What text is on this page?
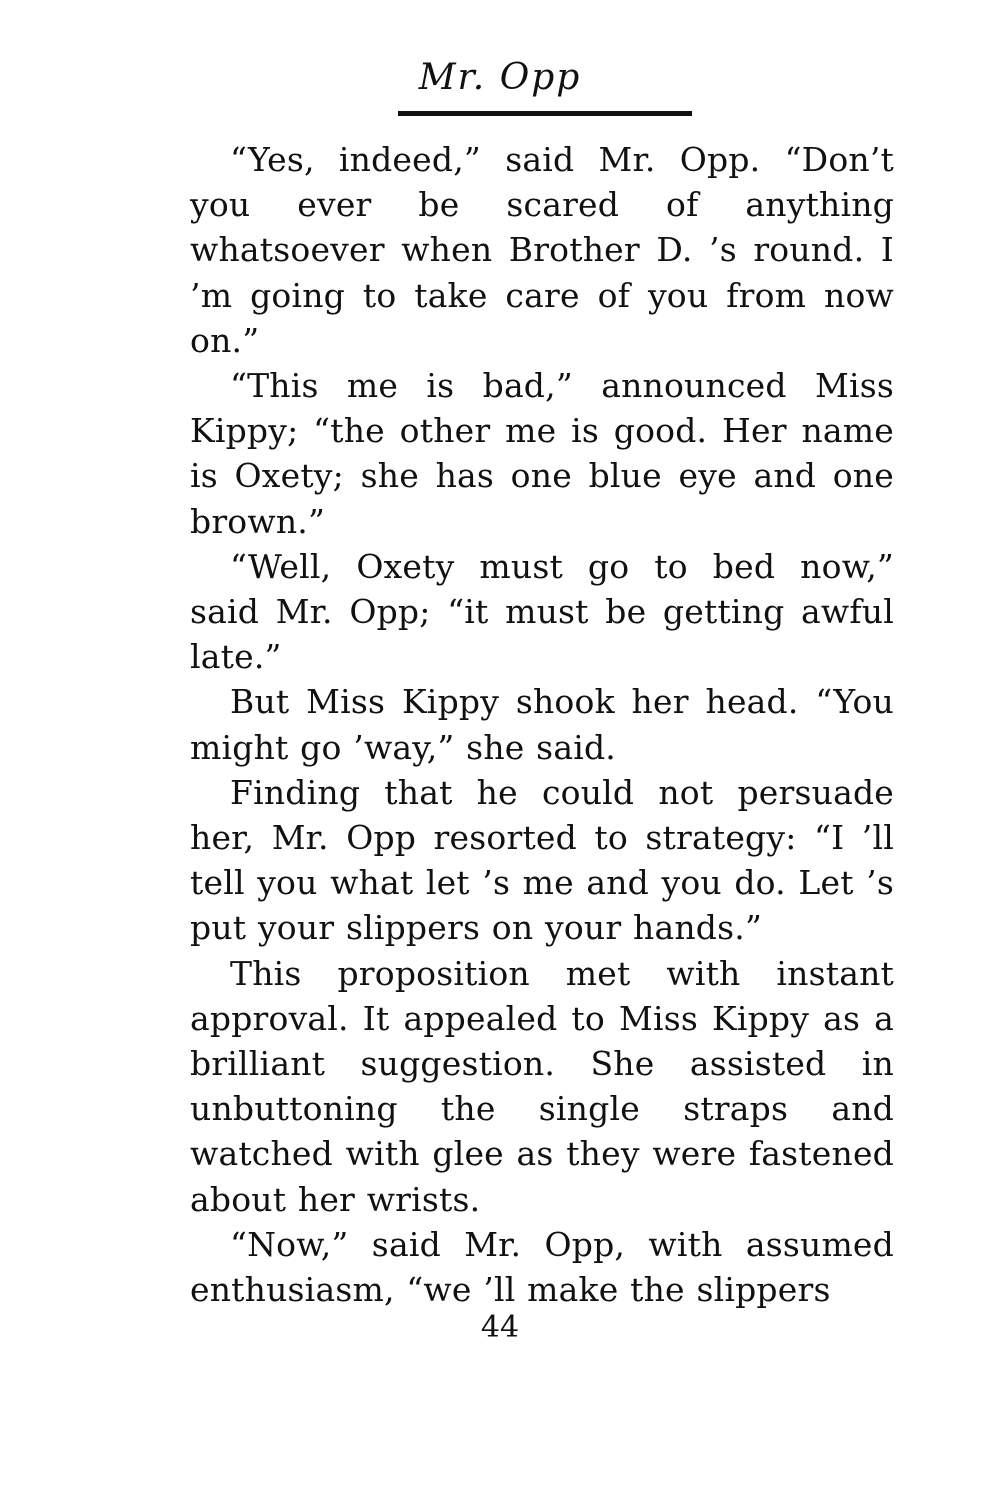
Mr. Opp

“Yes, indeed,” said Mr. Opp. “Don’t you ever be scared of anything whatsoever when Brother D. ’s round. I ’m going to take care of you from now on.”

“This me is bad,” announced Miss Kippy; “the other me is good. Her name is Oxety; she has one blue eye and one brown.”

“Well, Oxety must go to bed now,” said Mr. Opp; “it must be getting awful late.”

But Miss Kippy shook her head. “You might go ’way,” she said.

Finding that he could not persuade her, Mr. Opp resorted to strategy: “I ’ll tell you what let ’s me and you do. Let ’s put your slippers on your hands.”

This proposition met with instant approval. It appealed to Miss Kippy as a brilliant suggestion. She assisted in unbuttoning the single straps and watched with glee as they were fastened about her wrists.

“Now,” said Mr. Opp, with assumed enthusiasm, “we ’ll make the slippers

44
